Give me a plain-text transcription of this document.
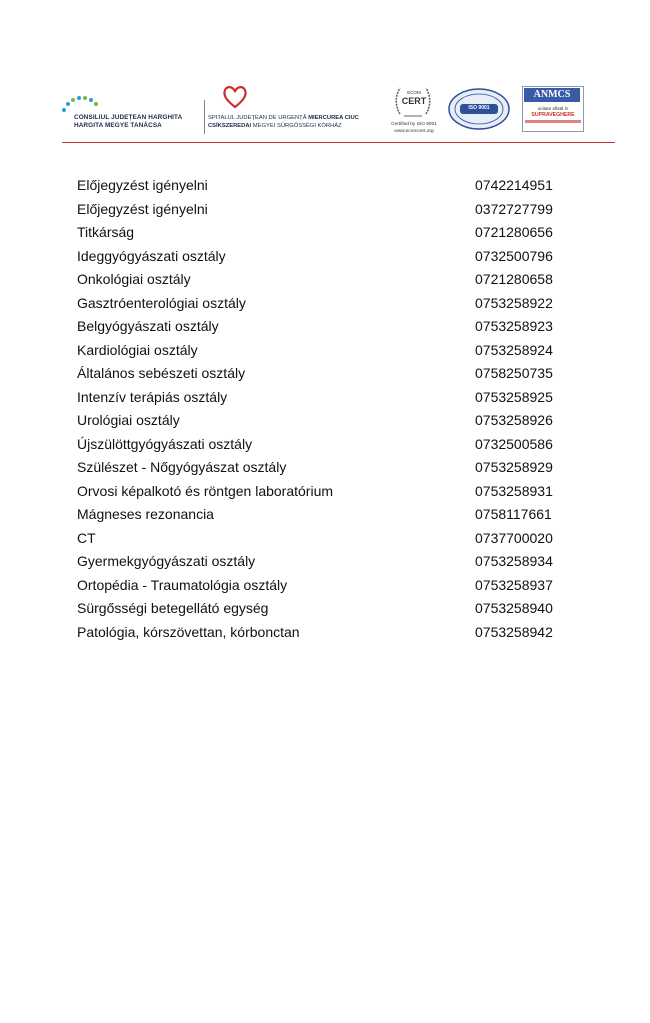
CONSILIUL JUDEȚEAN HARGHITA
HARGITA MEGYE TANÁCSA
SPITALUL JUDEȚEAN DE URGENȚĂ MIERCUREA CIUC
CSÍKSZEREDAI MEGYEI SÜRGŐSSÉGI KÓRHÁZ
ECOM
CERT
Certified by ISO 9001
www.ecomcert.org
ISO 9001
ANMCS
unitate aflată în
SUPRAVEGHERE
Előjegyzést igényelni	0742214951
Előjegyzést igényelni	0372727799
Titkárság	0721280656
Ideggyógyászati osztály	0732500796
Onkológiai osztály	0721280658
Gasztróenterológiai osztály	0753258922
Belgyógyászati osztály	0753258923
Kardiológiai osztály	0753258924
Általános sebészeti osztály	0758250735
Intenzív terápiás osztály	0753258925
Urológiai osztály	0753258926
Újszülöttgyógyászati osztály	0732500586
Szülészet - Nőgyógyászat osztály	0753258929
Orvosi képalkotó és röntgen laboratórium	0753258931
Mágneses rezonancia	0758117661
CT	0737700020
Gyermekgyógyászati osztály	0753258934
Ortopédia - Traumatológia osztály	0753258937
Sürgősségi betegellátó egység	0753258940
Patológia, kórszövettan, kórbonctan	0753258942
